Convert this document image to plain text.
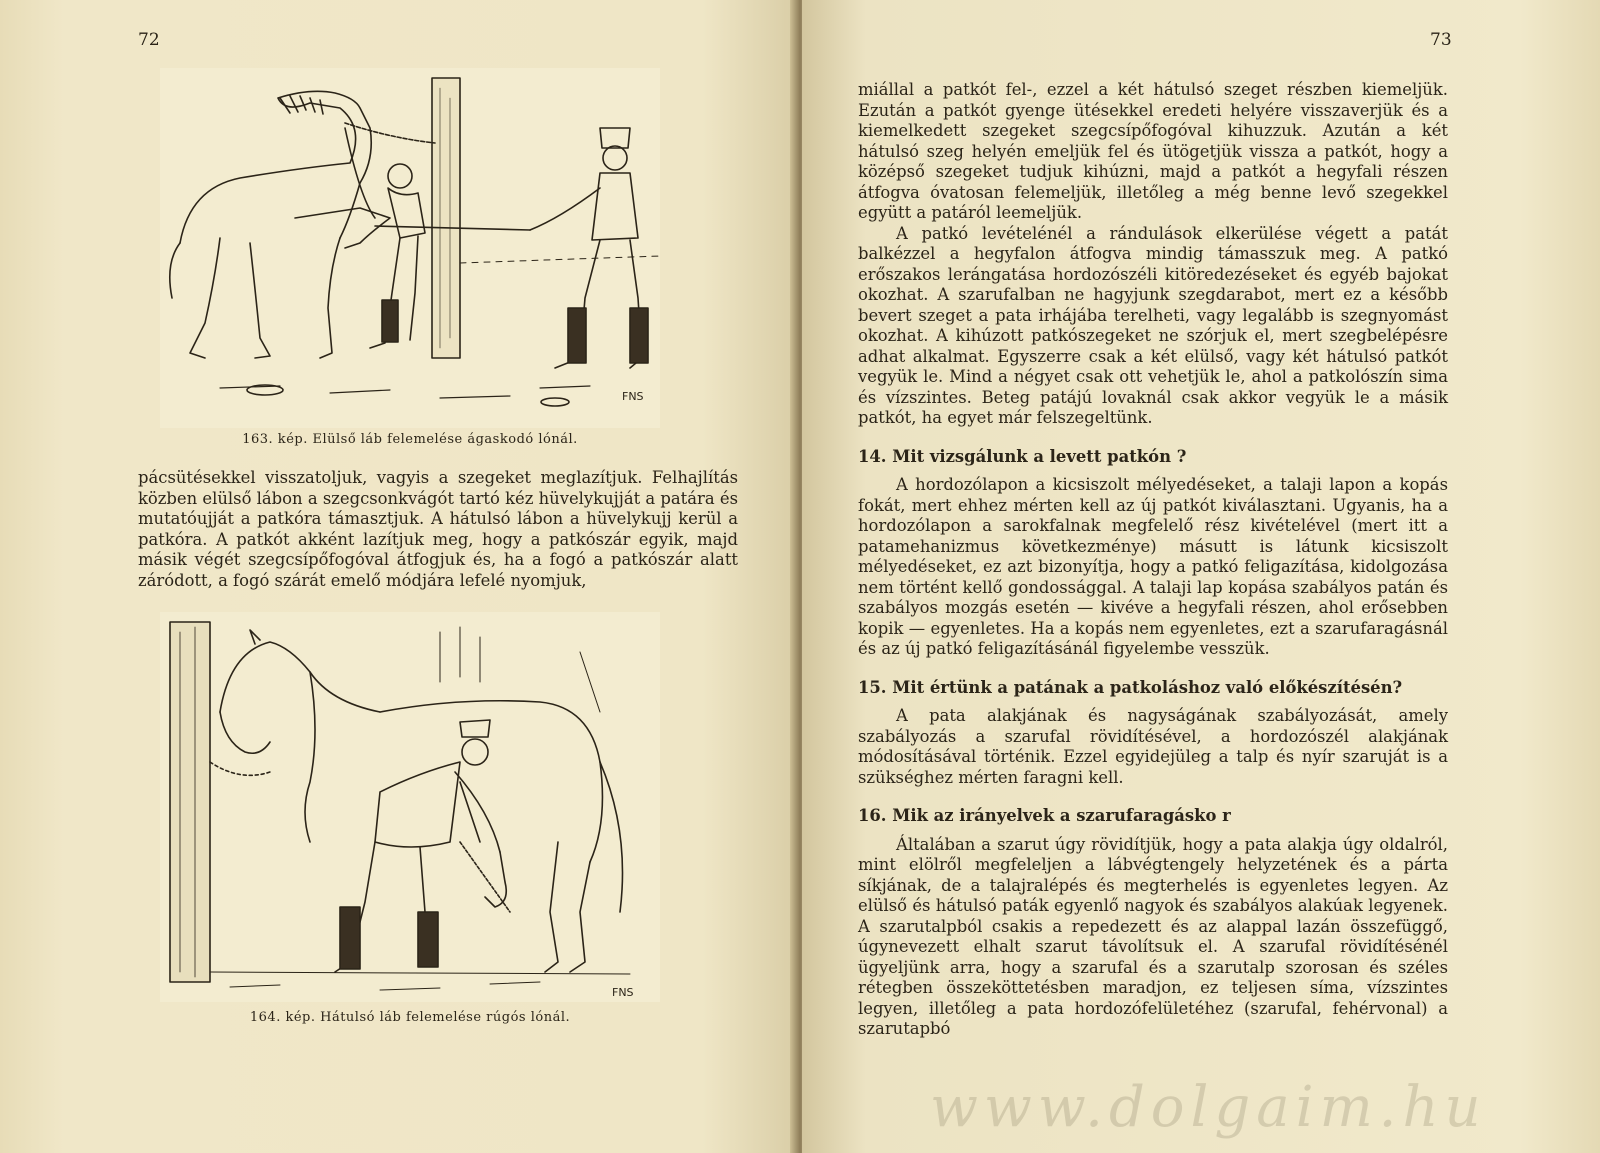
72
FNS
163. kép. Elülső láb felemelése ágaskodó lónál.

pácsütésekkel visszatoljuk, vagyis a szegeket meglazítjuk. Felhajlítás közben elülső lábon a szegcsonkvágót tartó kéz hüvelykujját a patára és mutatóujját a patkóra támasztjuk. A hátulsó lábon a hüvelykujj kerül a patkóra. A patkót akként lazítjuk meg, hogy a patkószár egyik, majd másik végét szegcsípőfogóval átfogjuk és, ha a fogó a patkószár alatt záródott, a fogó szárát emelő módjára lefelé nyomjuk,

FNS
164. kép. Hátulsó láb felemelése rúgós lónál.
73

miállal a patkót fel-, ezzel a két hátulsó szeget részben kiemeljük. Ezután a patkót gyenge ütésekkel eredeti helyére visszaverjük és a kiemelkedett szegeket szegcsípőfogóval kihuzzuk. Azután a két hátulsó szeg helyén emeljük fel és ütögetjük vissza a patkót, hogy a középső szegeket tudjuk kihúzni, majd a patkót a hegyfali részen átfogva óvatosan felemeljük, illetőleg a még benne levő szegekkel együtt a patáról leemeljük.

A patkó levételénél a rándulások elkerülése végett a patát balkézzel a hegyfalon átfogva mindig támasszuk meg. A patkó erőszakos lerángatása hordozószéli kitöredezéseket és egyéb bajokat okozhat. A szarufalban ne hagyjunk szegdarabot, mert ez a később bevert szeget a pata irhájába terelheti, vagy legalább is szegnyomást okozhat. A kihúzott patkószegeket ne szórjuk el, mert szegbelépésre adhat alkalmat. Egyszerre csak a két elülső, vagy két hátulsó patkót vegyük le. Mind a négyet csak ott vehetjük le, ahol a patkolószín sima és vízszintes. Beteg patájú lovaknál csak akkor vegyük le a másik patkót, ha egyet már felszegeltünk.

14. Mit vizsgálunk a levett patkón ?

A hordozólapon a kicsiszolt mélyedéseket, a talaji lapon a kopás fokát, mert ehhez mérten kell az új patkót kiválasztani. Ugyanis, ha a hordozólapon a sarokfalnak megfelelő rész kivételével (mert itt a patamehanizmus következménye) másutt is látunk kicsiszolt mélyedéseket, ez azt bizonyítja, hogy a patkó feligazítása, kidolgozása nem történt kellő gondossággal. A talaji lap kopása szabályos patán és szabályos mozgás esetén — kivéve a hegyfali részen, ahol erősebben kopik — egyenletes. Ha a kopás nem egyenletes, ezt a szarufaragásnál és az új patkó feligazításánál figyelembe vesszük.

15. Mit értünk a patának a patkoláshoz való előkészítésén?

A pata alakjának és nagyságának szabályozását, amely szabályozás a szarufal rövidítésével, a hordozószél alakjának módosításával történik. Ezzel egyidejüleg a talp és nyír szaruját is a szükséghez mérten faragni kell.

16. Mik az irányelvek a szarufaragásko r

Általában a szarut úgy rövidítjük, hogy a pata alakja úgy oldalról, mint elölről megfeleljen a lábvégtengely helyzetének és a párta síkjának, de a talajralépés és megterhelés is egyenletes legyen. Az elülső és hátulsó paták egyenlő nagyok és szabályos alakúak legyenek. A szarutalpból csakis a repedezett és az alappal lazán összefüggő, úgynevezett elhalt szarut távolítsuk el. A szarufal rövidítésénél ügyeljünk arra, hogy a szarufal és a szarutalp szorosan és széles rétegben összeköttetésben maradjon, ez teljesen síma, vízszintes legyen, illetőleg a pata hordozófelületéhez (szarufal, fehérvonal) a szarutapbó

www.dolgaim.hu
